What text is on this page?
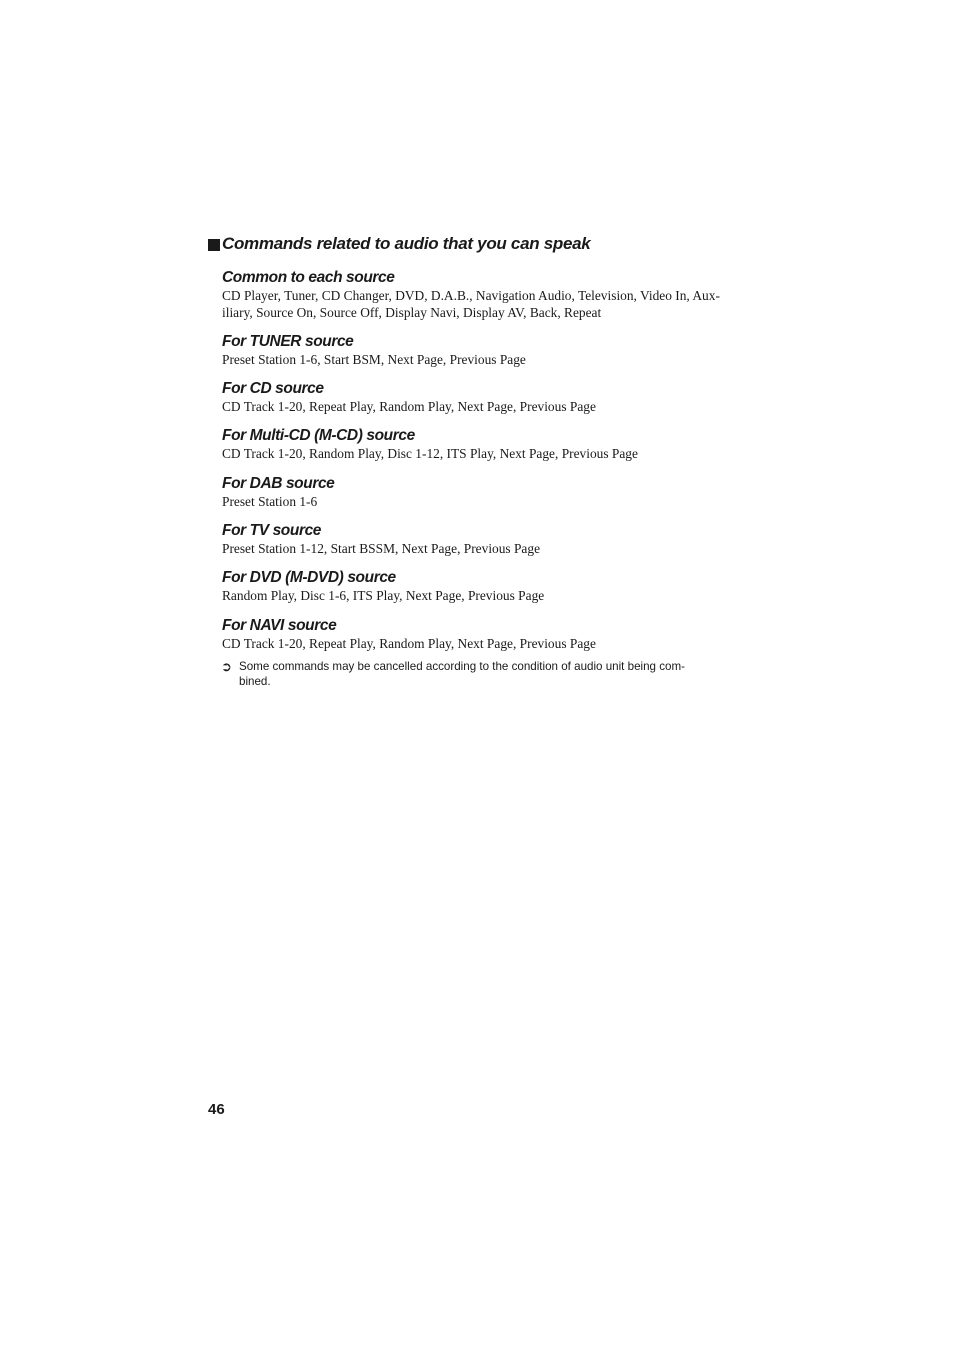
Commands related to audio that you can speak
Common to each source
CD Player, Tuner, CD Changer, DVD, D.A.B., Navigation Audio, Television, Video In, Aux-
iliary, Source On, Source Off, Display Navi, Display AV, Back, Repeat
For TUNER source
Preset Station 1-6, Start BSM, Next Page, Previous Page
For CD source
CD Track 1-20, Repeat Play, Random Play, Next Page, Previous Page
For Multi-CD (M-CD) source
CD Track 1-20, Random Play, Disc 1-12, ITS Play, Next Page, Previous Page
For DAB source
Preset Station 1-6
For TV source
Preset Station 1-12, Start BSSM, Next Page, Previous Page
For DVD (M-DVD) source
Random Play, Disc 1-6, ITS Play, Next Page, Previous Page
For NAVI source
CD Track 1-20, Repeat Play, Random Play, Next Page, Previous Page
➲ Some commands may be cancelled according to the condition of audio unit being com-
bined.
46
